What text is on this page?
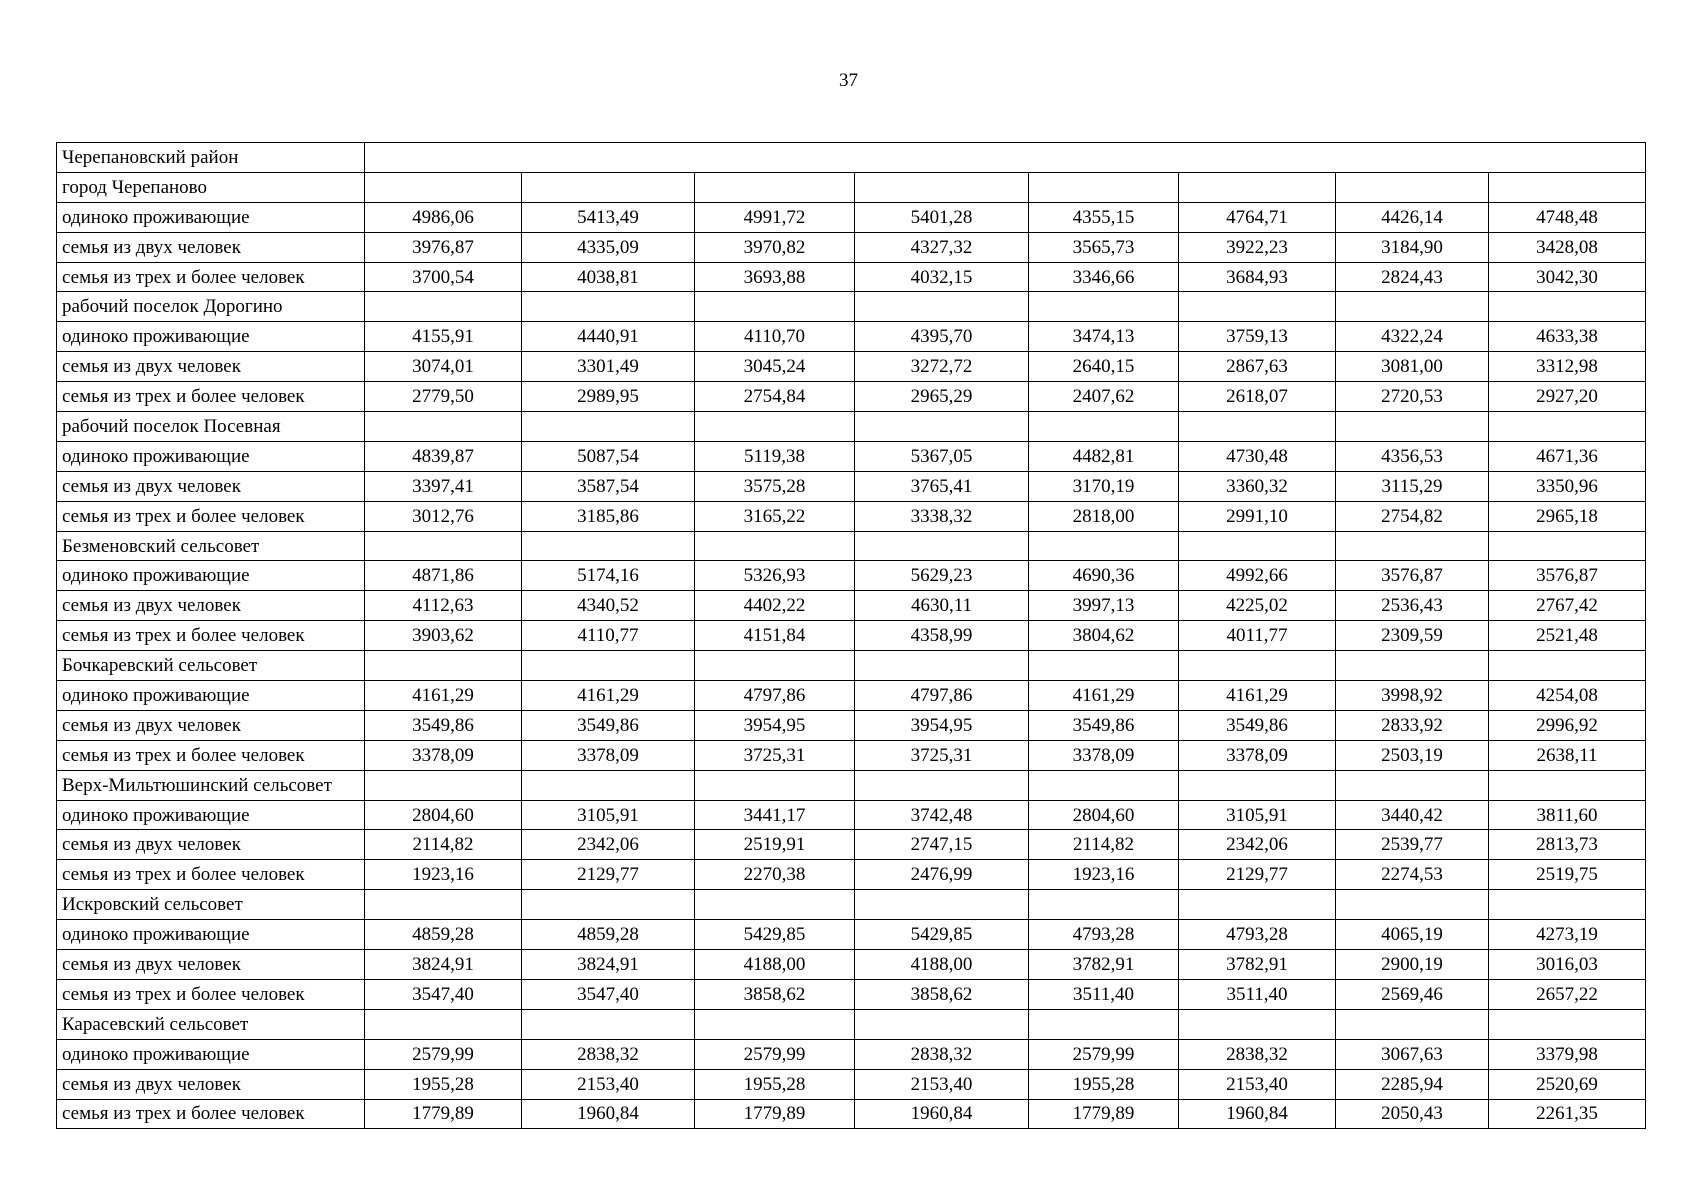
37
Черепановский район								
город Черепаново								
одиноко проживающие	4986,06	5413,49	4991,72	5401,28	4355,15	4764,71	4426,14	4748,48
семья из двух человек	3976,87	4335,09	3970,82	4327,32	3565,73	3922,23	3184,90	3428,08
семья из трех и более человек	3700,54	4038,81	3693,88	4032,15	3346,66	3684,93	2824,43	3042,30
рабочий поселок Дорогино								
одиноко проживающие	4155,91	4440,91	4110,70	4395,70	3474,13	3759,13	4322,24	4633,38
семья из двух человек	3074,01	3301,49	3045,24	3272,72	2640,15	2867,63	3081,00	3312,98
семья из трех и более человек	2779,50	2989,95	2754,84	2965,29	2407,62	2618,07	2720,53	2927,20
рабочий поселок Посевная								
одиноко проживающие	4839,87	5087,54	5119,38	5367,05	4482,81	4730,48	4356,53	4671,36
семья из двух человек	3397,41	3587,54	3575,28	3765,41	3170,19	3360,32	3115,29	3350,96
семья из трех и более человек	3012,76	3185,86	3165,22	3338,32	2818,00	2991,10	2754,82	2965,18
Безменовский сельсовет								
одиноко проживающие	4871,86	5174,16	5326,93	5629,23	4690,36	4992,66	3576,87	3576,87
семья из двух человек	4112,63	4340,52	4402,22	4630,11	3997,13	4225,02	2536,43	2767,42
семья из трех и более человек	3903,62	4110,77	4151,84	4358,99	3804,62	4011,77	2309,59	2521,48
Бочкаревский сельсовет								
одиноко проживающие	4161,29	4161,29	4797,86	4797,86	4161,29	4161,29	3998,92	4254,08
семья из двух человек	3549,86	3549,86	3954,95	3954,95	3549,86	3549,86	2833,92	2996,92
семья из трех и более человек	3378,09	3378,09	3725,31	3725,31	3378,09	3378,09	2503,19	2638,11
Верх-Мильтюшинский сельсовет								
одиноко проживающие	2804,60	3105,91	3441,17	3742,48	2804,60	3105,91	3440,42	3811,60
семья из двух человек	2114,82	2342,06	2519,91	2747,15	2114,82	2342,06	2539,77	2813,73
семья из трех и более человек	1923,16	2129,77	2270,38	2476,99	1923,16	2129,77	2274,53	2519,75
Искровский сельсовет								
одиноко проживающие	4859,28	4859,28	5429,85	5429,85	4793,28	4793,28	4065,19	4273,19
семья из двух человек	3824,91	3824,91	4188,00	4188,00	3782,91	3782,91	2900,19	3016,03
семья из трех и более человек	3547,40	3547,40	3858,62	3858,62	3511,40	3511,40	2569,46	2657,22
Карасевский сельсовет								
одиноко проживающие	2579,99	2838,32	2579,99	2838,32	2579,99	2838,32	3067,63	3379,98
семья из двух человек	1955,28	2153,40	1955,28	2153,40	1955,28	2153,40	2285,94	2520,69
семья из трех и более человек	1779,89	1960,84	1779,89	1960,84	1779,89	1960,84	2050,43	2261,35
